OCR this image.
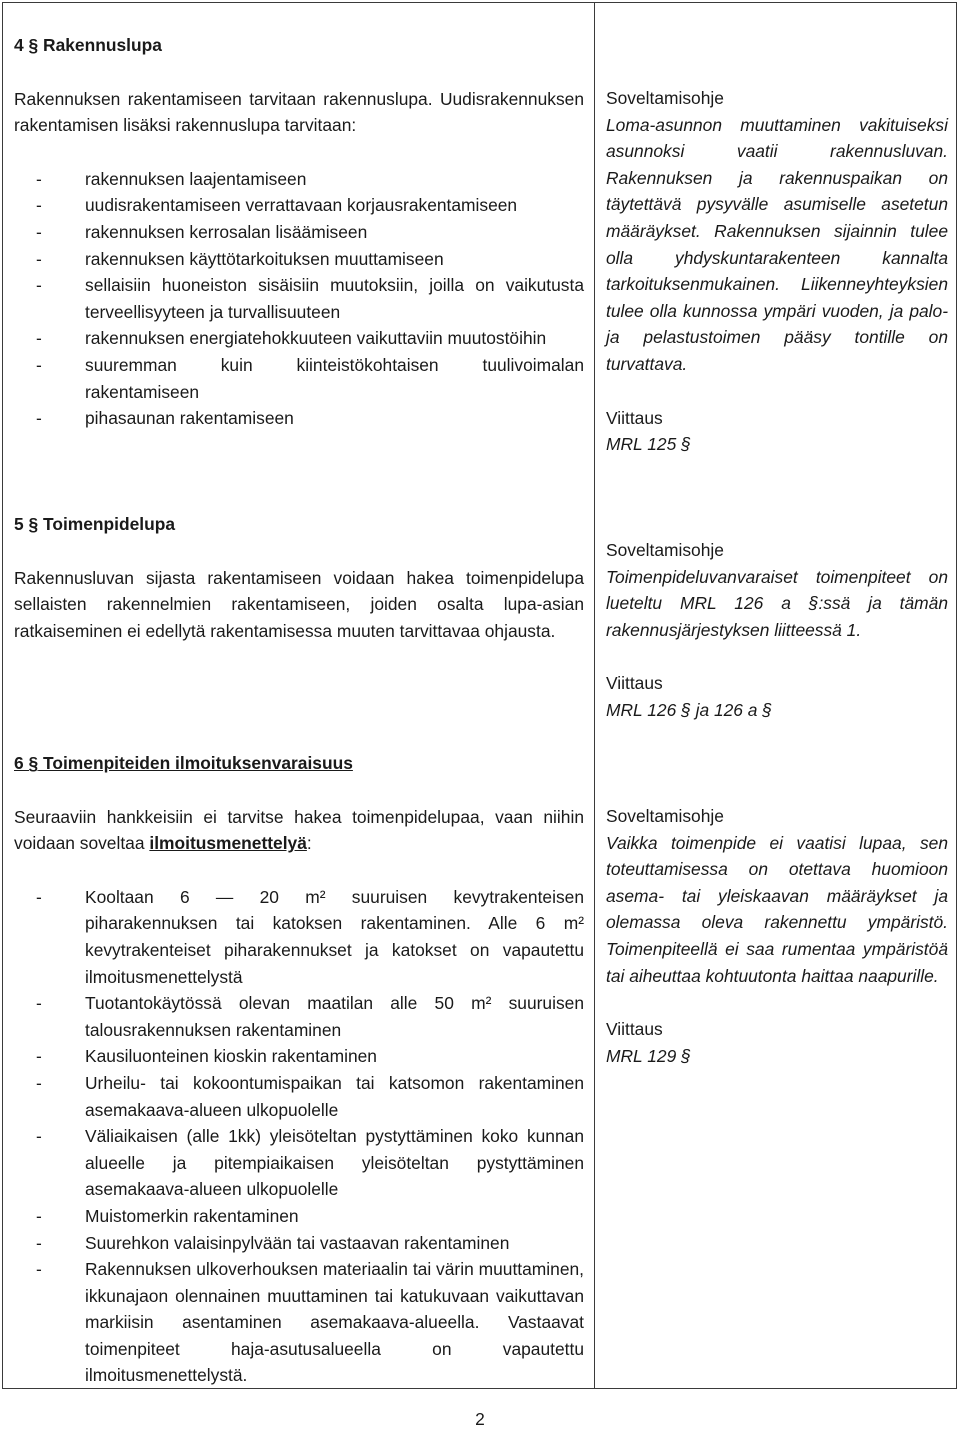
4 § Rakennuslupa

Rakennuksen rakentamiseen tarvitaan rakennuslupa. Uudisrakennuksen rakentamisen lisäksi rakennuslupa tarvitaan:

- rakennuksen laajentamiseen
- uudisrakentamiseen verrattavaan korjausrakentamiseen
- rakennuksen kerrosalan lisäämiseen
- rakennuksen käyttötarkoituksen muuttamiseen
- sellaisiin huoneiston sisäisiin muutoksiin, joilla on vaikutusta terveellisyyteen ja turvallisuuteen
- rakennuksen energiatehokkuuteen vaikuttaviin muutostöihin
- suuremman kuin kiinteistökohtaisen tuulivoimalan rakentamiseen
- pihasaunan rakentamiseen

Soveltamisohje

Loma-asunnon muuttaminen vakituiseksi asunnoksi vaatii rakennusluvan. Rakennuksen ja rakennuspaikan on täytettävä pysyvälle asumiselle asetetun määräykset. Rakennuksen sijainnin tulee olla yhdyskuntarakenteen kannalta tarkoituksenmukainen. Liikenneyhteyksien tulee olla kunnossa ympäri vuoden, ja palo- ja pelastustoimen pääsy tontille on turvattava.

Viittaus

MRL 125 §

5 § Toimenpidelupa

Rakennusluvan sijasta rakentamiseen voidaan hakea toimenpidelupa sellaisten rakennelmien rakentamiseen, joiden osalta lupa-asian ratkaiseminen ei edellytä rakentamisessa muuten tarvittavaa ohjausta.

Soveltamisohje

Toimenpideluvanvaraiset toimenpiteet on lueteltu MRL 126 a §:ssä ja tämän rakennusjärjestyksen liitteessä 1.

Viittaus

MRL 126 § ja 126 a §

6 § Toimenpiteiden ilmoituksenvaraisuus

Seuraaviin hankkeisiin ei tarvitse hakea toimenpidelupaa, vaan niihin voidaan soveltaa ilmoitusmenettelyä:

- Kooltaan 6 — 20 m² suuruisen kevytrakenteisen piharakennuksen tai katoksen rakentaminen. Alle 6 m² kevytrakenteiset piharakennukset ja katokset on vapautettu ilmoitusmenettelystä
- Tuotantokäytössä olevan maatilan alle 50 m² suuruisen talousrakennuksen rakentaminen
- Kausiluonteinen kioskin rakentaminen
- Urheilu- tai kokoontumispaikan tai katsomon rakentaminen asemakaava-alueen ulkopuolelle
- Väliaikaisen (alle 1kk) yleisöteltan pystyttäminen koko kunnan alueelle ja pitempiaikaisen yleisöteltan pystyttäminen asemakaava-alueen ulkopuolelle
- Muistomerkin rakentaminen
- Suurehkon valaisinpylvään tai vastaavan rakentaminen
- Rakennuksen ulkoverhouksen materiaalin tai värin muuttaminen, ikkunajaon olennainen muuttaminen tai katukuvaan vaikuttavan markiisin asentaminen asemakaava-alueella. Vastaavat toimenpiteet haja-asutusalueella on vapautettu ilmoitusmenettelystä.

Soveltamisohje

Vaikka toimenpide ei vaatisi lupaa, sen toteuttamisessa on otettava huomioon asema- tai yleiskaavan määräykset ja olemassa oleva rakennettu ympäristö. Toimenpiteellä ei saa rumentaa ympäristöä tai aiheuttaa kohtuutonta haittaa naapurille.

Viittaus

MRL 129 §

2
